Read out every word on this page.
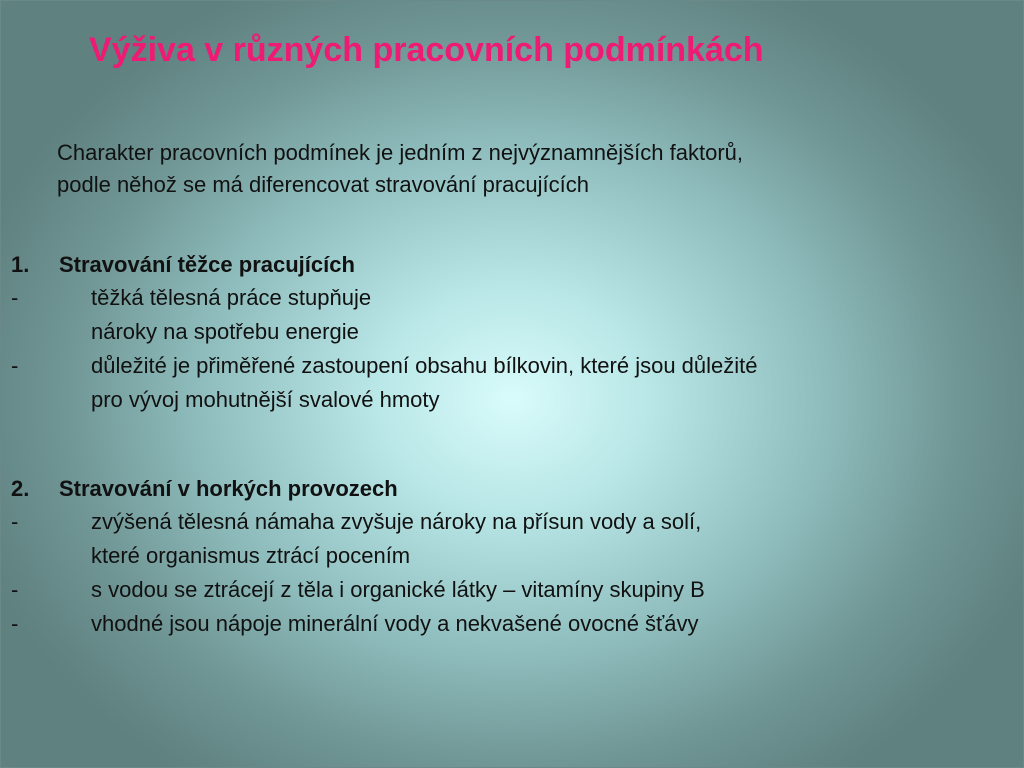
Výživa v různých pracovních podmínkách
Charakter pracovních podmínek je jedním z nejvýznamnějších faktorů,
podle něhož se má diferencovat stravování pracujících
1. Stravování těžce pracujících
-	těžká tělesná práce stupňuje
nároky na spotřebu energie
-	důležité je přiměřené zastoupení obsahu bílkovin, které jsou důležité
pro vývoj mohutnější svalové hmoty
2. Stravování v horkých provozech
-	zvýšená tělesná námaha zvyšuje nároky na přísun vody a solí,
které organismus ztrácí pocením
-	s vodou se ztrácejí z těla i organické látky – vitamíny skupiny B
-	vhodné jsou nápoje minerální vody a nekvašené ovocné šťávy
